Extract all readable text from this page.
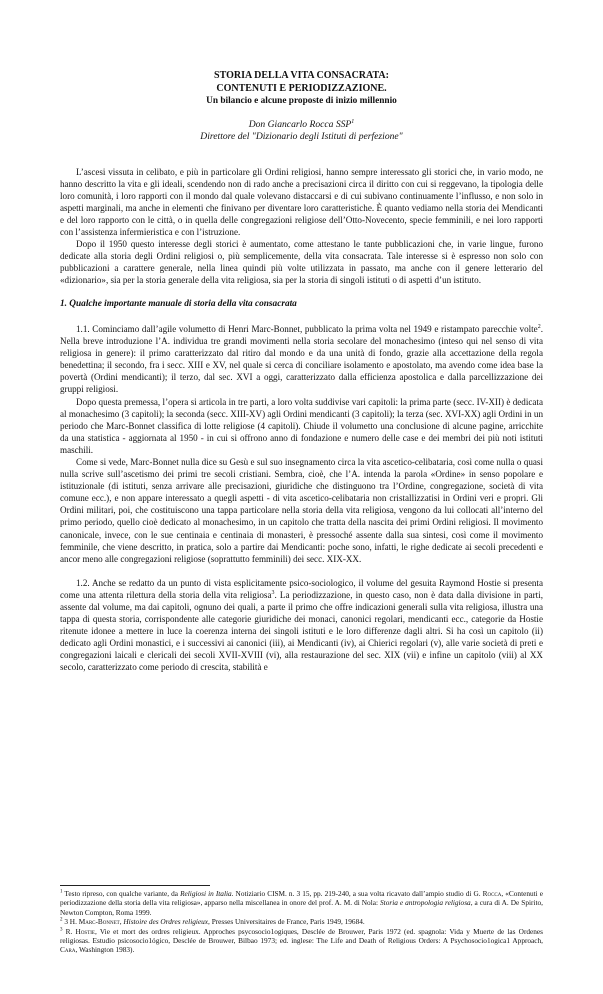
STORIA DELLA VITA CONSACRATA:
CONTENUTI E PERIODIZZAZIONE.
Un bilancio e alcune proposte di inizio millennio
Don Giancarlo Rocca SSP$^1$
Direttore del "Dizionario degli Istituti di perfezione"

L’ascesi vissuta in celibato, e più in particolare gli Ordini religiosi, hanno sempre interessato gli storici che, in vario modo, ne hanno descritto la vita e gli ideali, scendendo non di rado anche a precisazioni circa il diritto con cui si reggevano, la tipologia delle loro comunità, i loro rapporti con il mondo dal quale volevano distaccarsi e di cui subivano continuamente l’influsso, e non solo in aspetti marginali, ma anche in elementi che finivano per diventare loro caratteristiche. È quanto vediamo nella storia dei Mendicanti e del loro rapporto con le città, o in quella delle congregazioni religiose dell’Otto-Novecento, specie femminili, e nei loro rapporti con l’assistenza infermieristica e con l’istruzione.

Dopo il 1950 questo interesse degli storici è aumentato, come attestano le tante pubblicazioni che, in varie lingue, furono dedicate alla storia degli Ordini religiosi o, più semplicemente, della vita consacrata. Tale interesse si è espresso non solo con pubblicazioni a carattere generale, nella linea quindi più volte utilizzata in passato, ma anche con il genere letterario del «dizionario», sia per la storia generale della vita religiosa, sia per la storia di singoli istituti o di aspetti d’un istituto.

1. Qualche importante manuale di storia della vita consacrata

1.1. Cominciamo dall’agile volumetto di Henri Marc-Bonnet, pubblicato la prima volta nel 1949 e ristampato parecchie volte$^2$. Nella breve introduzione l’A. individua tre grandi movimenti nella storia secolare del monachesimo (inteso qui nel senso di vita religiosa in genere): il primo caratterizzato dal ritiro dal mondo e da una unità di fondo, grazie alla accettazione della regola benedettina; il secondo, fra i secc. XIII e XV, nel quale si cerca di conciliare isolamento e apostolato, ma avendo come idea base la povertà (Ordini mendicanti); il terzo, dal sec. XVI a oggi, caratterizzato dalla efficienza apostolica e dalla parcellizzazione dei gruppi religiosi.

Dopo questa premessa, l’opera si articola in tre parti, a loro volta suddivise vari capitoli: la prima parte (secc. IV-XII) è dedicata al monachesimo (3 capitoli); la seconda (secc. XIII-XV) agli Ordini mendicanti (3 capitoli); la terza (sec. XVI-XX) agli Ordini in un periodo che Marc-Bonnet classifica di lotte religiose (4 capitoli). Chiude il volumetto una conclusione di alcune pagine, arricchite da una statistica - aggiornata al 1950 - in cui si offrono anno di fondazione e numero delle case e dei membri dei più noti istituti maschili.

Come si vede, Marc-Bonnet nulla dice su Gesù e sul suo insegnamento circa la vita ascetico-celibataria, così come nulla o quasi nulla scrive sull’ascetismo dei primi tre secoli cristiani. Sembra, cioè, che l’A. intenda la parola «Ordine» in senso popolare e istituzionale (di istituti, senza arrivare alle precisazioni, giuridiche che distinguono tra l’Ordine, congregazione, società di vita comune ecc.), e non appare interessato a quegli aspetti - di vita ascetico-celibataria non cristallizzatisi in Ordini veri e propri. Gli Ordini militari, poi, che costituiscono una tappa particolare nella storia della vita religiosa, vengono da lui collocati all’interno del primo periodo, quello cioè dedicato al monachesimo, in un capitolo che tratta della nascita dei primi Ordini religiosi. Il movimento canonicale, invece, con le sue centinaia e centinaia di monasteri, è pressoché assente dalla sua sintesi, così come il movimento femminile, che viene descritto, in pratica, solo a partire dai Mendicanti: poche sono, infatti, le righe dedicate ai secoli precedenti e ancor meno alle congregazioni religiose (soprattutto femminili) dei secc. XIX-XX.

1.2. Anche se redatto da un punto di vista esplicitamente psico-sociologico, il volume del gesuita Raymond Hostie si presenta come una attenta rilettura della storia della vita religiosa$^3$. La periodizzazione, in questo caso, non è data dalla divisione in parti, assente dal volume, ma dai capitoli, ognuno dei quali, a parte il primo che offre indicazioni generali sulla vita religiosa, illustra una tappa di questa storia, corrispondente alle categorie giuridiche dei monaci, canonici regolari, mendicanti ecc., categorie da Hostie ritenute idonee a mettere in luce la coerenza interna dei singoli istituti e le loro differenze dagli altri. Si ha così un capitolo (ii) dedicato agli Ordini monastici, e i successivi ai canonici (iii), ai Mendicanti (iv), ai Chierici regolari (v), alle varie società di preti e congregazioni laicali e clericali dei secoli XVII-XVIII (vi), alla restaurazione del sec. XIX (vii) e infine un capitolo (viii) al XX secolo, caratterizzato come periodo di crescita, stabilità e

$^1$ Testo ripreso, con qualche variante, da Religiosi in Italia. Notiziario CISM. n. 3 15, pp. 219-240, a sua volta ricavato dall’ampio studio di G. Rocca, «Contenuti e periodizzazione della storia della vita religiosa», apparso nella miscellanea in onore del prof. A. M. di Nola: Storia e antropologia religiosa, a cura di A. De Spirito, Newton Compton, Roma 1999.
$^2$ 3 H. Marc-Bonnet, Histoire des Ordres religieux, Presses Universitaires de France, Paris 1949, 19684.
$^3$ R. Hostie, Vie et mort des ordres religieux. Approches psycosocio1ogiques, Desclée de Brouwer, Paris 1972 (ed. spagnola: Vida y Muerte de las Ordenes religiosas. Estudio psicosocio1ógico, Desclée de Brouwer, Bilbao 1973; ed. inglese: The Life and Death of Religious Orders: A Psychosocio1ogica1 Approach, Cara, Washington 1983).
